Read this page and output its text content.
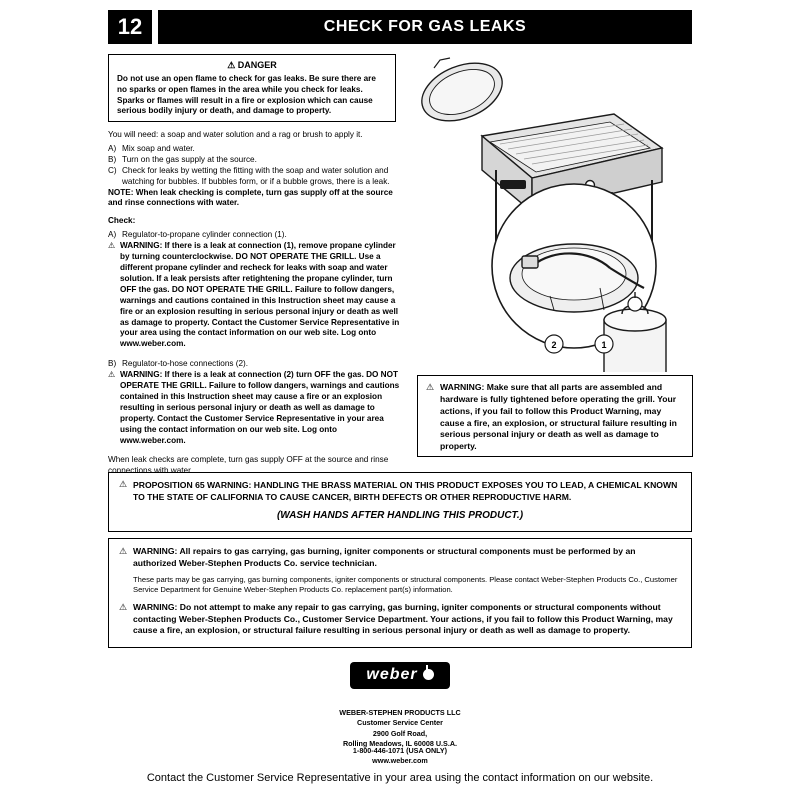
12	CHECK FOR GAS LEAKS
⚠ DANGER
Do not use an open flame to check for gas leaks. Be sure there are no sparks or open flames in the area while you check for leaks. Sparks or flames will result in a fire or explosion which can cause serious bodily injury or death, and damage to property.

You will need: a soap and water solution and a rag or brush to apply it.

A) Mix soap and water.
B) Turn on the gas supply at the source.
C) Check for leaks by wetting the fitting with the soap and water solution and watching for bubbles. If bubbles form, or if a bubble grows, there is a leak.

NOTE: When leak checking is complete, turn gas supply off at the source and rinse connections with water.

Check:

A) Regulator-to-propane cylinder connection (1).
⚠ WARNING: If there is a leak at connection (1), remove propane cylinder by turning counterclockwise. DO NOT OPERATE THE GRILL. Use a different propane cylinder and recheck for leaks with soap and water solution. If a leak persists after retightening the propane cylinder, turn OFF the gas. DO NOT OPERATE THE GRILL. Failure to follow dangers, warnings and cautions contained in this Instruction sheet may cause a fire or an explosion resulting in serious personal injury or death as well as damage to property. Contact the Customer Service Representative in your area using the contact information on our web site. Log onto www.weber.com.
B) Regulator-to-hose connections (2).
⚠ WARNING: If there is a leak at connection (2) turn OFF the gas. DO NOT OPERATE THE GRILL. Failure to follow dangers, warnings and cautions contained in this Instruction sheet may cause a fire or an explosion resulting in serious personal injury or death as well as damage to property. Contact the Customer Service Representative in your area using the contact information on our web site. Log onto www.weber.com.

When leak checks are complete, turn gas supply OFF at the source and rinse connections with water.

1
2
⚠ WARNING: Make sure that all parts are assembled and hardware is fully tightened before operating the grill. Your actions, if you fail to follow this Product Warning, may cause a fire, an explosion, or structural failure resulting in serious personal injury or death as well as damage to property.
⚠ PROPOSITION 65 WARNING: HANDLING THE BRASS MATERIAL ON THIS PRODUCT EXPOSES YOU TO LEAD, A CHEMICAL KNOWN TO THE STATE OF CALIFORNIA TO CAUSE CANCER, BIRTH DEFECTS OR OTHER REPRODUCTIVE HARM.
(WASH HANDS AFTER HANDLING THIS PRODUCT.)
⚠ WARNING: All repairs to gas carrying, gas burning, igniter components or structural components must be performed by an authorized Weber-Stephen Products Co. service technician.
These parts may be gas carrying, gas burning components, igniter components or structural components. Please contact Weber-Stephen Products Co., Customer Service Department for Genuine Weber-Stephen Products Co. replacement part(s) information.
⚠ WARNING: Do not attempt to make any repair to gas carrying, gas burning, igniter components or structural components without contacting Weber-Stephen Products Co., Customer Service Department. Your actions, if you fail to follow this Product Warning, may cause a fire, an explosion, or structural failure resulting in serious personal injury or death as well as damage to property.
weber
WEBER-STEPHEN PRODUCTS LLC
Customer Service Center
2900 Golf Road,
Rolling Meadows, IL 60008 U.S.A.
1-800-446-1071 (USA ONLY)
www.weber.com
Contact the Customer Service Representative in your area using the contact information on our website.
